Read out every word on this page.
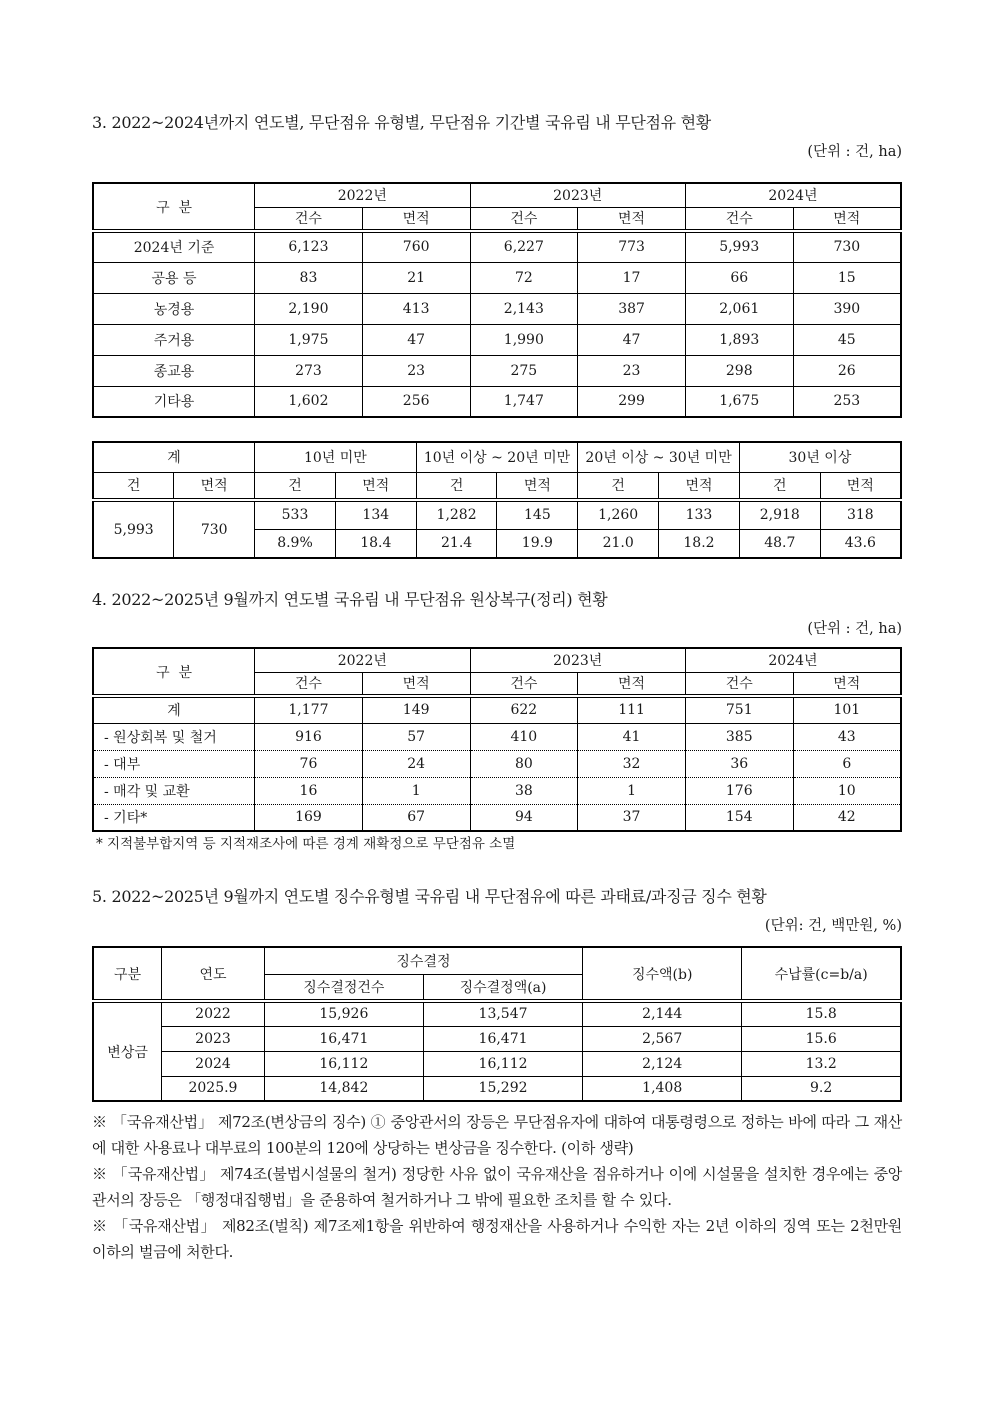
3. 2022~2024년까지 연도별, 무단점유 유형별, 무단점유 기간별 국유림 내 무단점유 현황
(단위 : 건, ha)
구  분	2022년		2023년		2024년	
	건수	면적	건수	면적	건수	면적
2024년 기준	6,123	760	6,227	773	5,993	730
공용 등	83	21	72	17	66	15
농경용	2,190	413	2,143	387	2,061	390
주거용	1,975	47	1,990	47	1,893	45
종교용	273	23	275	23	298	26
기타용	1,602	256	1,747	299	1,675	253
계		10년 미만		10년 이상 ~ 20년 미만		20년 이상 ~ 30년 미만		30년 이상	
건	면적	건	면적	건	면적	건	면적	건	면적
5,993	730	533	134	1,282	145	1,260	133	2,918	318
		8.9%	18.4	21.4	19.9	21.0	18.2	48.7	43.6
4. 2022~2025년 9월까지 연도별 국유림 내 무단점유 원상복구(정리) 현황
(단위 : 건, ha)
구  분	2022년		2023년		2024년	
	건수	면적	건수	면적	건수	면적
계	1,177	149	622	111	751	101
- 원상회복 및 철거	916	57	410	41	385	43
- 대부	76	24	80	32	36	6
- 매각 및 교환	16	1	38	1	176	10
- 기타*	169	67	94	37	154	42
* 지적불부합지역 등 지적재조사에 따른 경계 재확정으로 무단점유 소멸
5. 2022~2025년 9월까지 연도별 징수유형별 국유림 내 무단점유에 따른 과태료/과징금 징수 현황
(단위: 건, 백만원, %)
구분	연도	징수결정		징수액(b)	수납률(c=b/a)
		징수결정건수	징수결정액(a)		
변상금	2022	15,926	13,547	2,144	15.8
	2023	16,471	16,471	2,567	15.6
	2024	16,112	16,112	2,124	13.2
	2025.9	14,842	15,292	1,408	9.2

※ 「국유재산법」 제72조(변상금의 징수) ① 중앙관서의 장등은 무단점유자에 대하여 대통령령으로 정하는 바에 따라 그 재산에 대한 사용료나 대부료의 100분의 120에 상당하는 변상금을 징수한다. (이하 생략)

※ 「국유재산법」 제74조(불법시설물의 철거) 정당한 사유 없이 국유재산을 점유하거나 이에 시설물을 설치한 경우에는 중앙관서의 장등은 「행정대집행법」을 준용하여 철거하거나 그 밖에 필요한 조치를 할 수 있다.

※ 「국유재산법」 제82조(벌칙) 제7조제1항을 위반하여 행정재산을 사용하거나 수익한 자는 2년 이하의 징역 또는 2천만원 이하의 벌금에 처한다.
